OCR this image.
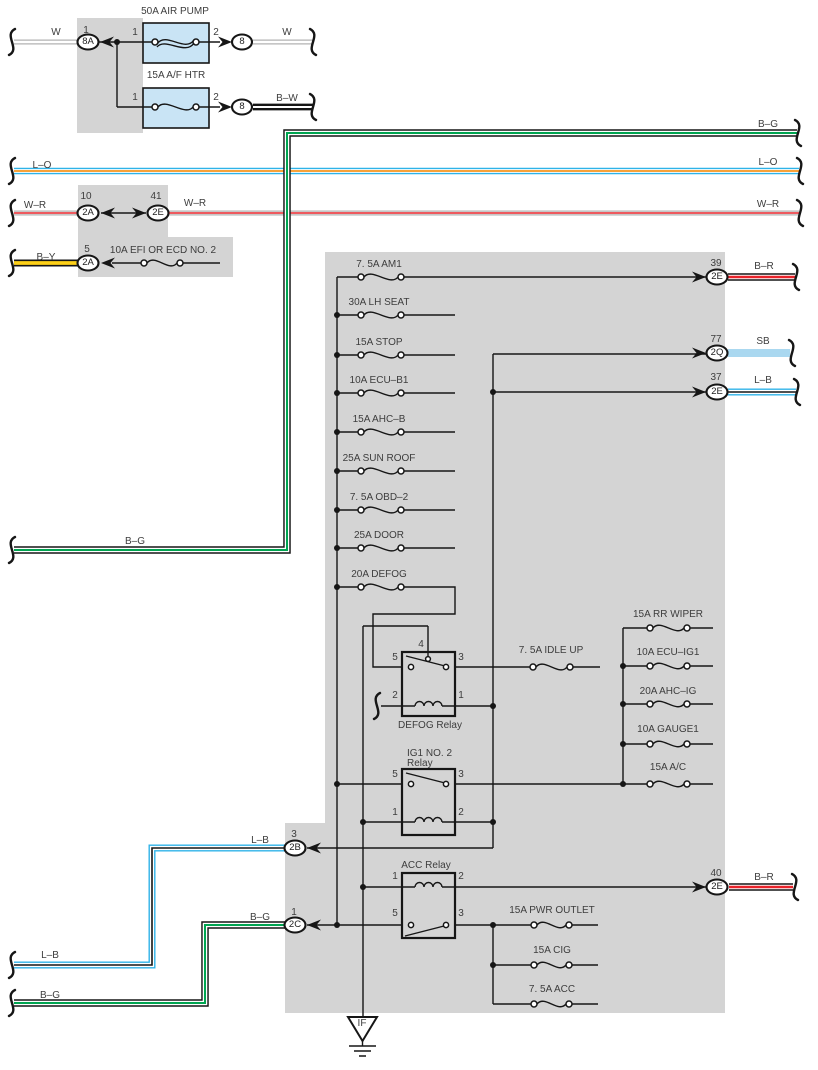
50A AIR PUMP
W 1	1	2	W
15A A/F HTR
1	2	B–W
8A	8
8
B–G
L–O
W–R
L–O
W–R
10	41
W–R
2A	2E
B–Y
5
2A
10A EFI OR ECD NO. 2
B–G
7. 5A AM1
30A LH SEAT
15A STOP
10A ECU–B1
15A AHC–B
25A SUN ROOF
7. 5A OBD–2
25A DOOR
20A DEFOG
39
2E
B–R
77
2Q
SB
37
2E
L–B
4
5	3
2	1
DEFOG Relay
7. 5A IDLE UP
15A RR WIPER
10A ECU–IG1
20A AHC–IG
10A GAUGE1
15A A/C
IG1 NO. 2
Relay
5	3
1	2
L–B
3
2B
B–G 1
2C
ACC Relay
1	2
5	3
40
2E
B–R
15A PWR OUTLET
15A CIG
7. 5A ACC
L–B
B–G
IF
